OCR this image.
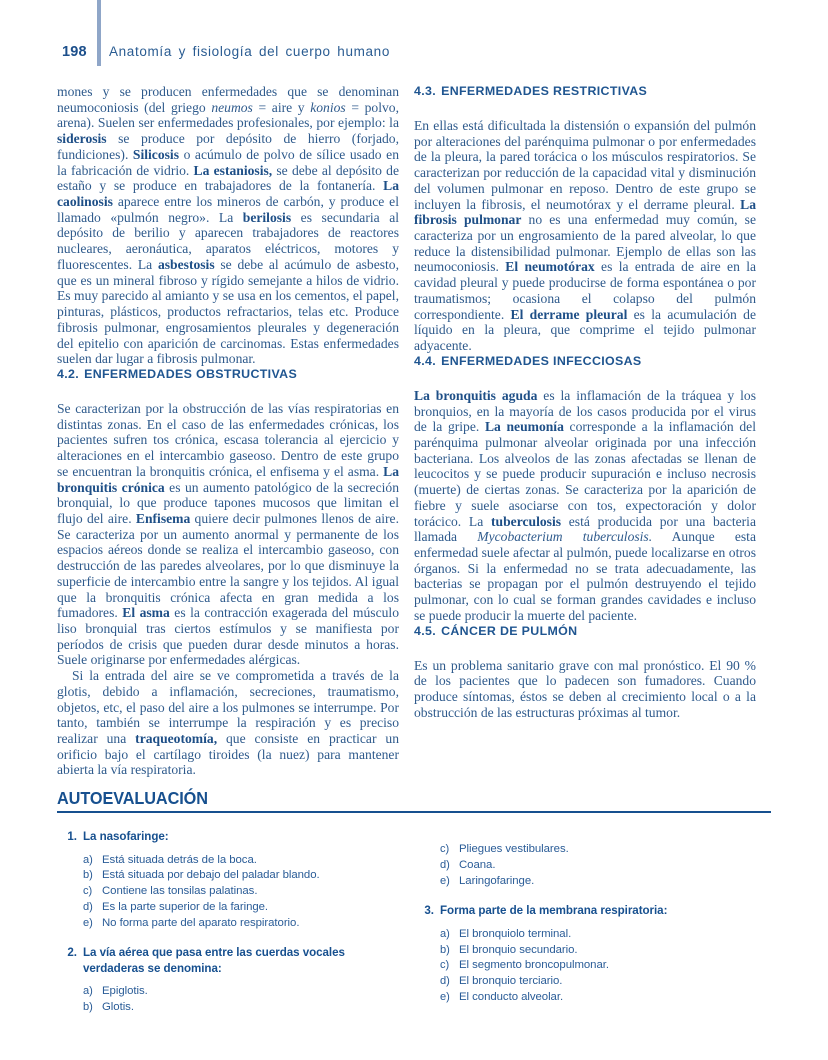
198	Anatomía y fisiología del cuerpo humano

mones y se producen enfermedades que se denominan neumoconiosis (del griego neumos = aire y konios = polvo, arena). Suelen ser enfermedades profesionales, por ejemplo: la siderosis se produce por depósito de hierro (forjado, fundiciones). Silicosis o acúmulo de polvo de sílice usado en la fabricación de vidrio. La estaniosis, se debe al depósito de estaño y se produce en trabajadores de la fontanería. La caolinosis aparece entre los mineros de carbón, y produce el llamado «pulmón negro». La berilosis es secundaria al depósito de berilio y aparecen trabajadores de reactores nucleares, aeronáutica, aparatos eléctricos, motores y fluorescentes. La asbestosis se debe al acúmulo de asbesto, que es un mineral fibroso y rígido semejante a hilos de vidrio. Es muy parecido al amianto y se usa en los cementos, el papel, pinturas, plásticos, productos refractarios, telas etc. Produce fibrosis pulmonar, engrosamientos pleurales y degeneración del epitelio con aparición de carcinomas. Estas enfermedades suelen dar lugar a fibrosis pulmonar.

4.2. ENFERMEDADES OBSTRUCTIVAS

Se caracterizan por la obstrucción de las vías respiratorias en distintas zonas. En el caso de las enfermedades crónicas, los pacientes sufren tos crónica, escasa tolerancia al ejercicio y alteraciones en el intercambio gaseoso. Dentro de este grupo se encuentran la bronquitis crónica, el enfisema y el asma. La bronquitis crónica es un aumento patológico de la secreción bronquial, lo que produce tapones mucosos que limitan el flujo del aire. Enfisema quiere decir pulmones llenos de aire. Se caracteriza por un aumento anormal y permanente de los espacios aéreos donde se realiza el intercambio gaseoso, con destrucción de las paredes alveolares, por lo que disminuye la superficie de intercambio entre la sangre y los tejidos. Al igual que la bronquitis crónica afecta en gran medida a los fumadores. El asma es la contracción exagerada del músculo liso bronquial tras ciertos estímulos y se manifiesta por períodos de crisis que pueden durar desde minutos a horas. Suele originarse por enfermedades alérgicas.

Si la entrada del aire se ve comprometida a través de la glotis, debido a inflamación, secreciones, traumatismo, objetos, etc, el paso del aire a los pulmones se interrumpe. Por tanto, también se interrumpe la respiración y es preciso realizar una traqueotomía, que consiste en practicar un orificio bajo el cartílago tiroides (la nuez) para mantener abierta la vía respiratoria.

4.3. ENFERMEDADES RESTRICTIVAS

En ellas está dificultada la distensión o expansión del pulmón por alteraciones del parénquima pulmonar o por enfermedades de la pleura, la pared torácica o los músculos respiratorios. Se caracterizan por reducción de la capacidad vital y disminución del volumen pulmonar en reposo. Dentro de este grupo se incluyen la fibrosis, el neumotórax y el derrame pleural. La fibrosis pulmonar no es una enfermedad muy común, se caracteriza por un engrosamiento de la pared alveolar, lo que reduce la distensibilidad pulmonar. Ejemplo de ellas son las neumoconiosis. El neumotórax es la entrada de aire en la cavidad pleural y puede producirse de forma espontánea o por traumatismos; ocasiona el colapso del pulmón correspondiente. El derrame pleural es la acumulación de líquido en la pleura, que comprime el tejido pulmonar adyacente.

4.4. ENFERMEDADES INFECCIOSAS

La bronquitis aguda es la inflamación de la tráquea y los bronquios, en la mayoría de los casos producida por el virus de la gripe. La neumonía corresponde a la inflamación del parénquima pulmonar alveolar originada por una infección bacteriana. Los alveolos de las zonas afectadas se llenan de leucocitos y se puede producir supuración e incluso necrosis (muerte) de ciertas zonas. Se caracteriza por la aparición de fiebre y suele asociarse con tos, expectoración y dolor torácico. La tuberculosis está producida por una bacteria llamada Mycobacterium tuberculosis. Aunque esta enfermedad suele afectar al pulmón, puede localizarse en otros órganos. Si la enfermedad no se trata adecuadamente, las bacterias se propagan por el pulmón destruyendo el tejido pulmonar, con lo cual se forman grandes cavidades e incluso se puede producir la muerte del paciente.

4.5. CÁNCER DE PULMÓN

Es un problema sanitario grave con mal pronóstico. El 90 % de los pacientes que lo padecen son fumadores. Cuando produce síntomas, éstos se deben al crecimiento local o a la obstrucción de las estructuras próximas al tumor.

AUTOEVALUACIÓN
1. La nasofaringe:
a) Está situada detrás de la boca.
b) Está situada por debajo del paladar blando.
c) Contiene las tonsilas palatinas.
d) Es la parte superior de la faringe.
e) No forma parte del aparato respiratorio.
2. La vía aérea que pasa entre las cuerdas vocales verdaderas se denomina:
a) Epiglotis.
b) Glotis.
c) Pliegues vestibulares.
d) Coana.
e) Laringofaringe.
3. Forma parte de la membrana respiratoria:
a) El bronquiolo terminal.
b) El bronquio secundario.
c) El segmento broncopulmonar.
d) El bronquio terciario.
e) El conducto alveolar.
